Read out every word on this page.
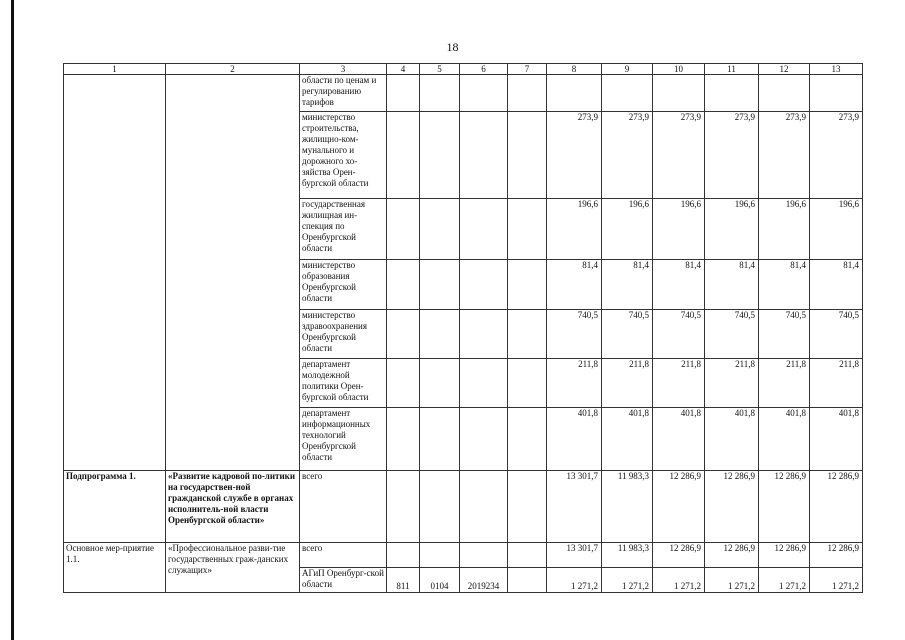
18
1	2	3	4	5	6	7	8	9	10	11	12	13
		области по ценам и регулированию тарифов										
		министерство строительства, жилищно-ком-мунального и дорожного хо-зяйства Орен-бургской области					273,9	273,9	273,9	273,9	273,9	273,9
		государственная жилищная ин-спекция по Оренбургской области					196,6	196,6	196,6	196,6	196,6	196,6
		министерство образования Оренбургской области					81,4	81,4	81,4	81,4	81,4	81,4
		министерство здравоохранения Оренбургской области					740,5	740,5	740,5	740,5	740,5	740,5
		департамент молодежной политики Орен-бургской области					211,8	211,8	211,8	211,8	211,8	211,8
		департамент информационных технологий Оренбургской области					401,8	401,8	401,8	401,8	401,8	401,8
Подпрограмма 1.	«Развитие кадровой по-литики на государствен-ной гражданской службе в органах исполнитель-ной власти Оренбургской области»	всего					13 301,7	11 983,3	12 286,9	12 286,9	12 286,9	12 286,9
Основное мер-приятие 1.1.	«Профессиональное разви-тие государственных граж-данских служащих»	всего					13 301,7	11 983,3	12 286,9	12 286,9	12 286,9	12 286,9
		АГиП Оренбург-ской области	811	0104	2019234		1 271,2	1 271,2	1 271,2	1 271,2	1 271,2	1 271,2
